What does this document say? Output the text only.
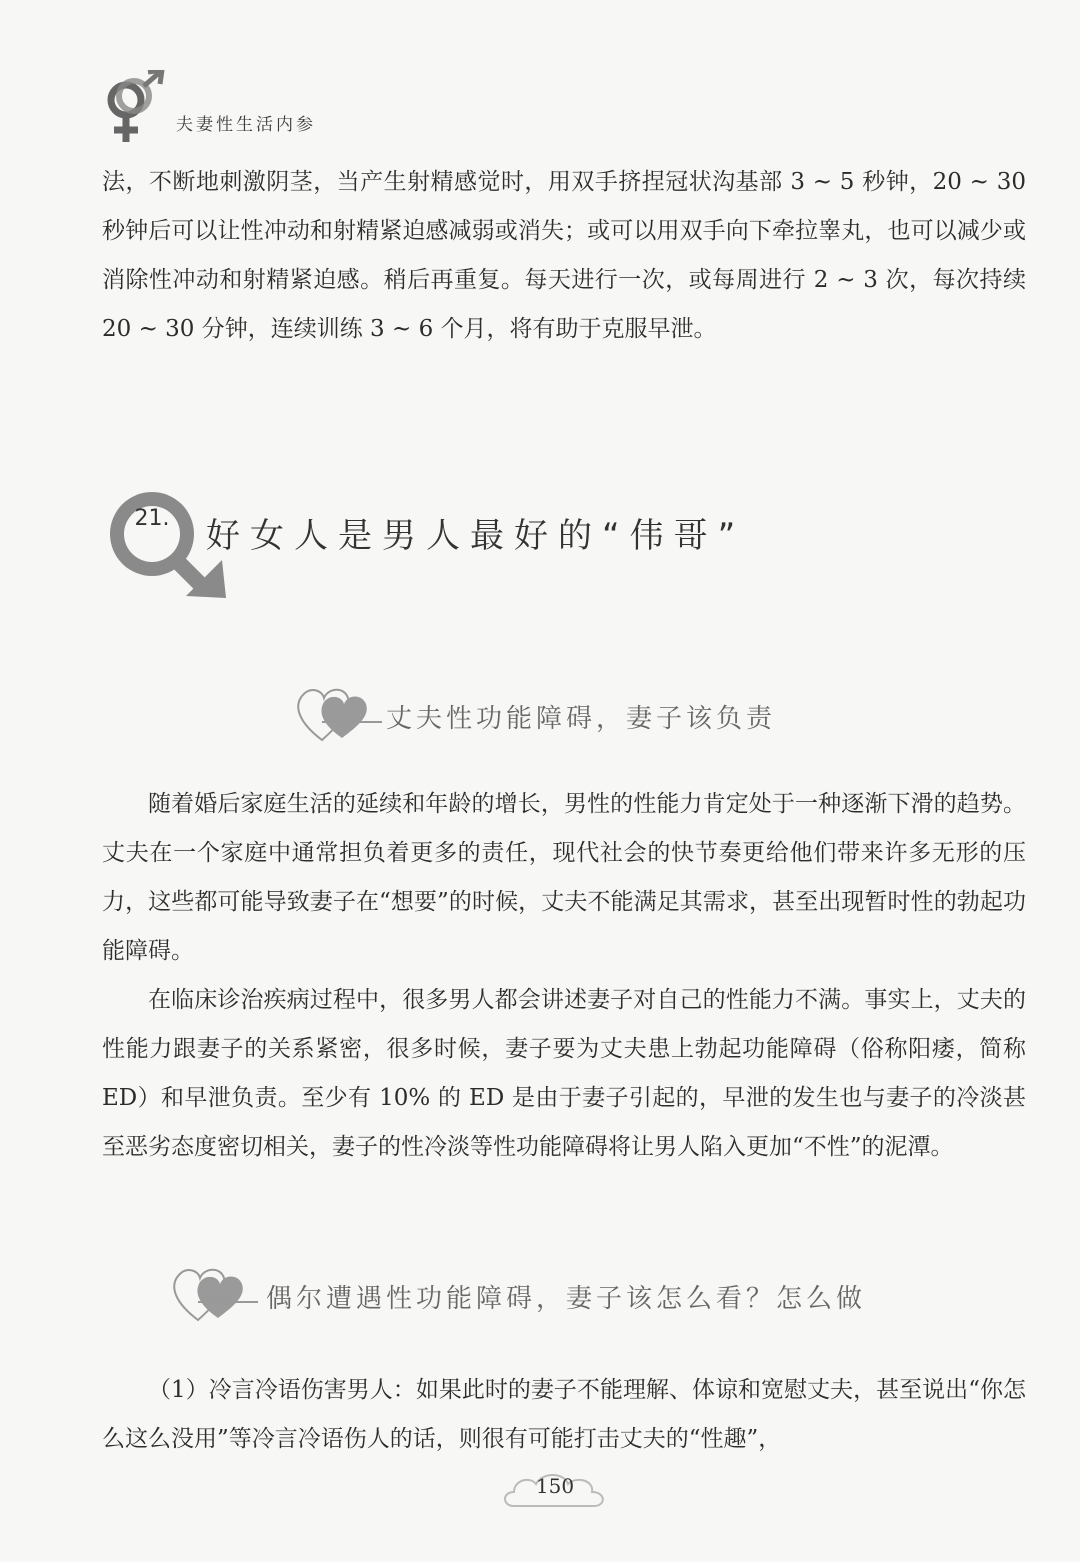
夫妻性生活内参

法，不断地刺激阴茎，当产生射精感觉时，用双手挤捏冠状沟基部 3 ~ 5 秒钟，20 ~ 30 秒钟后可以让性冲动和射精紧迫感减弱或消失；或可以用双手向下牵拉睾丸，也可以减少或消除性冲动和射精紧迫感。稍后再重复。每天进行一次，或每周进行 2 ~ 3 次，每次持续 20 ~ 30 分钟，连续训练 3 ~ 6 个月，将有助于克服早泄。

21.	好女人是男人最好的“伟哥”
丈夫性功能障碍，妻子该负责

随着婚后家庭生活的延续和年龄的增长，男性的性能力肯定处于一种逐渐下滑的趋势。丈夫在一个家庭中通常担负着更多的责任，现代社会的快节奏更给他们带来许多无形的压力，这些都可能导致妻子在“想要”的时候，丈夫不能满足其需求，甚至出现暂时性的勃起功能障碍。

在临床诊治疾病过程中，很多男人都会讲述妻子对自己的性能力不满。事实上，丈夫的性能力跟妻子的关系紧密，很多时候，妻子要为丈夫患上勃起功能障碍（俗称阳痿，简称 ED）和早泄负责。至少有 10% 的 ED 是由于妻子引起的，早泄的发生也与妻子的冷淡甚至恶劣态度密切相关，妻子的性冷淡等性功能障碍将让男人陷入更加“不性”的泥潭。

偶尔遭遇性功能障碍，妻子该怎么看？怎么做

（1）冷言冷语伤害男人：如果此时的妻子不能理解、体谅和宽慰丈夫，甚至说出“你怎么这么没用”等冷言冷语伤人的话，则很有可能打击丈夫的“性趣”，

150
